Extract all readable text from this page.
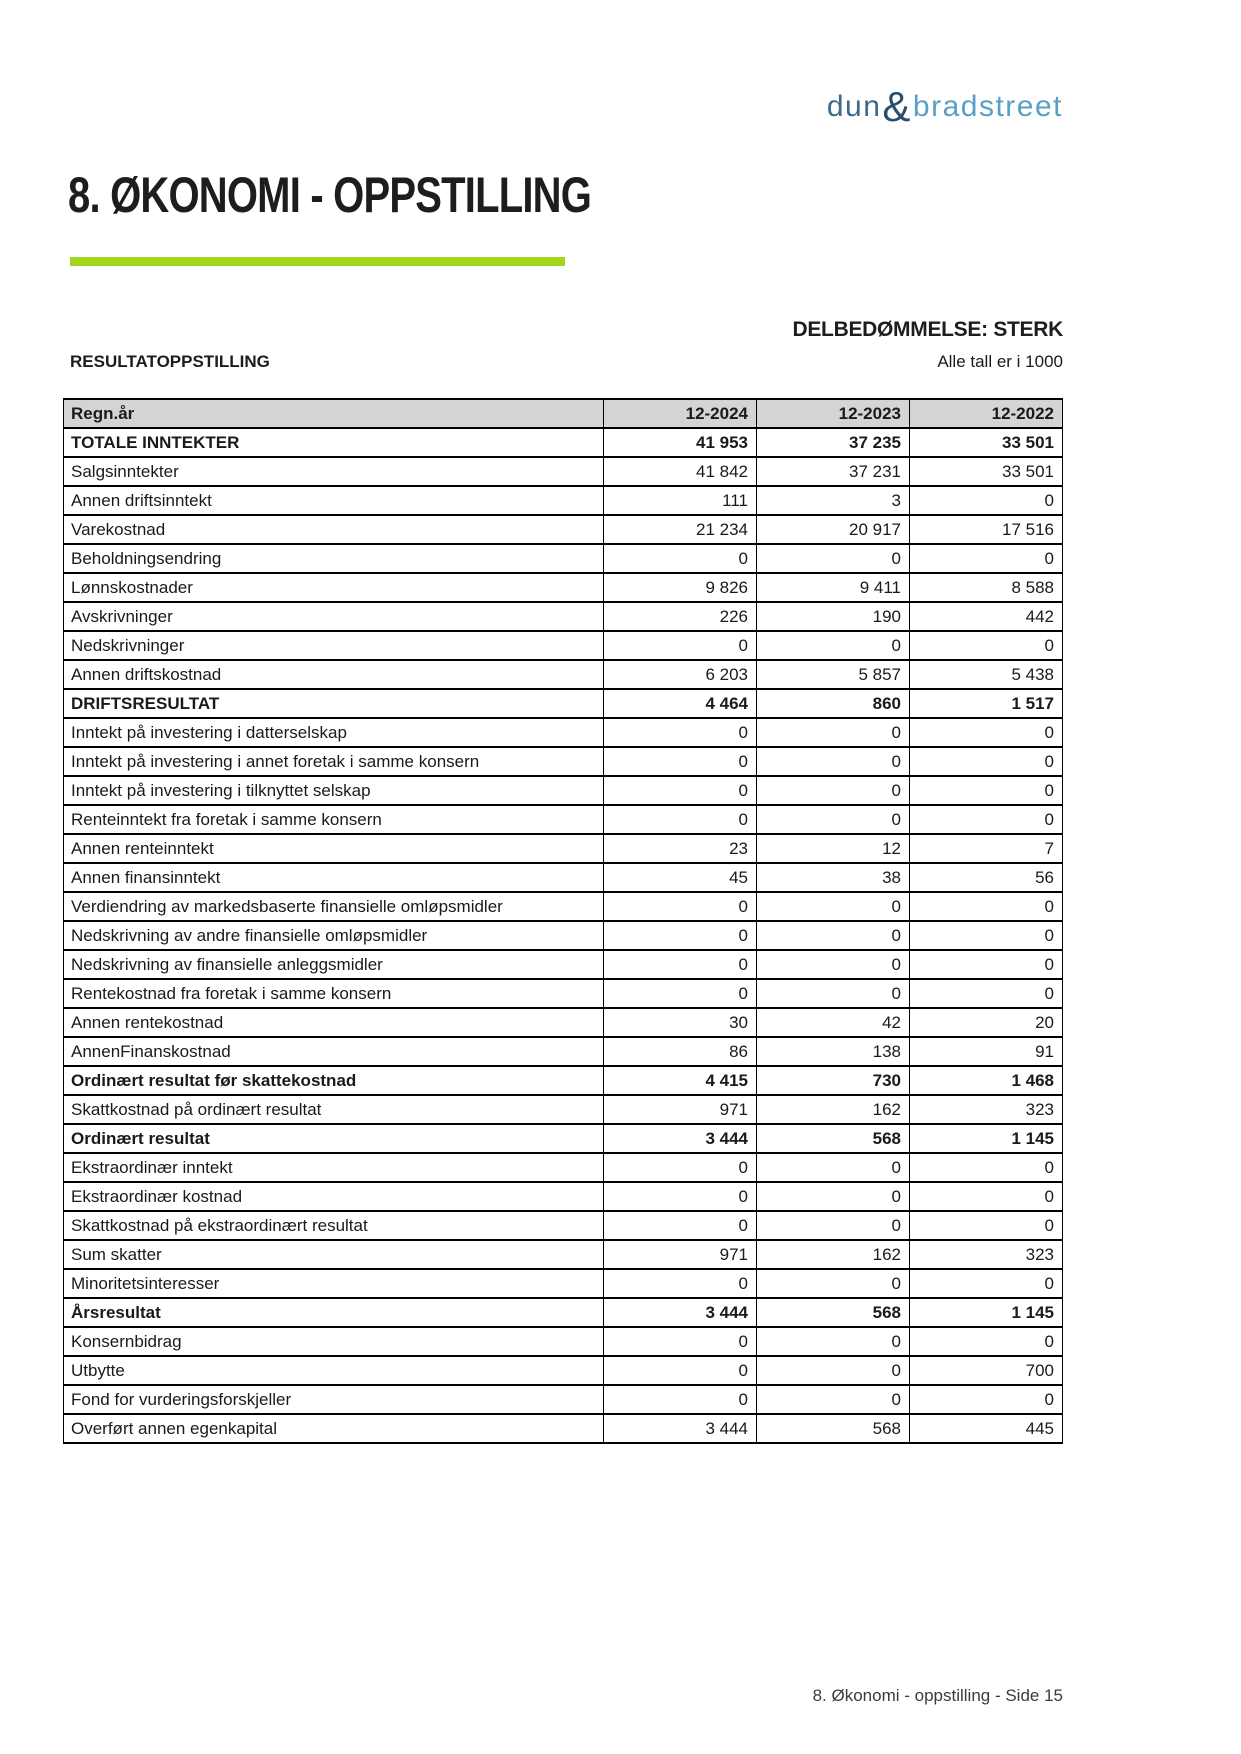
dun & bradstreet
8. ØKONOMI - OPPSTILLING
DELBEDØMMELSE: STERK
RESULTATOPPSTILLING	Alle tall er i 1000
Regn.år	12-2024	12-2023	12-2022
TOTALE INNTEKTER	41 953	37 235	33 501
Salgsinntekter	41 842	37 231	33 501
Annen driftsinntekt	111	3	0
Varekostnad	21 234	20 917	17 516
Beholdningsendring	0	0	0
Lønnskostnader	9 826	9 411	8 588
Avskrivninger	226	190	442
Nedskrivninger	0	0	0
Annen driftskostnad	6 203	5 857	5 438
DRIFTSRESULTAT	4 464	860	1 517
Inntekt på investering i datterselskap	0	0	0
Inntekt på investering i annet foretak i samme konsern	0	0	0
Inntekt på investering i tilknyttet selskap	0	0	0
Renteinntekt fra foretak i samme konsern	0	0	0
Annen renteinntekt	23	12	7
Annen finansinntekt	45	38	56
Verdiendring av markedsbaserte finansielle omløpsmidler	0	0	0
Nedskrivning av andre finansielle omløpsmidler	0	0	0
Nedskrivning av finansielle anleggsmidler	0	0	0
Rentekostnad fra foretak i samme konsern	0	0	0
Annen rentekostnad	30	42	20
AnnenFinanskostnad	86	138	91
Ordinært resultat før skattekostnad	4 415	730	1 468
Skattkostnad på ordinært resultat	971	162	323
Ordinært resultat	3 444	568	1 145
Ekstraordinær inntekt	0	0	0
Ekstraordinær kostnad	0	0	0
Skattkostnad på ekstraordinært resultat	0	0	0
Sum skatter	971	162	323
Minoritetsinteresser	0	0	0
Årsresultat	3 444	568	1 145
Konsernbidrag	0	0	0
Utbytte	0	0	700
Fond for vurderingsforskjeller	0	0	0
Overført annen egenkapital	3 444	568	445
8. Økonomi - oppstilling - Side 15
